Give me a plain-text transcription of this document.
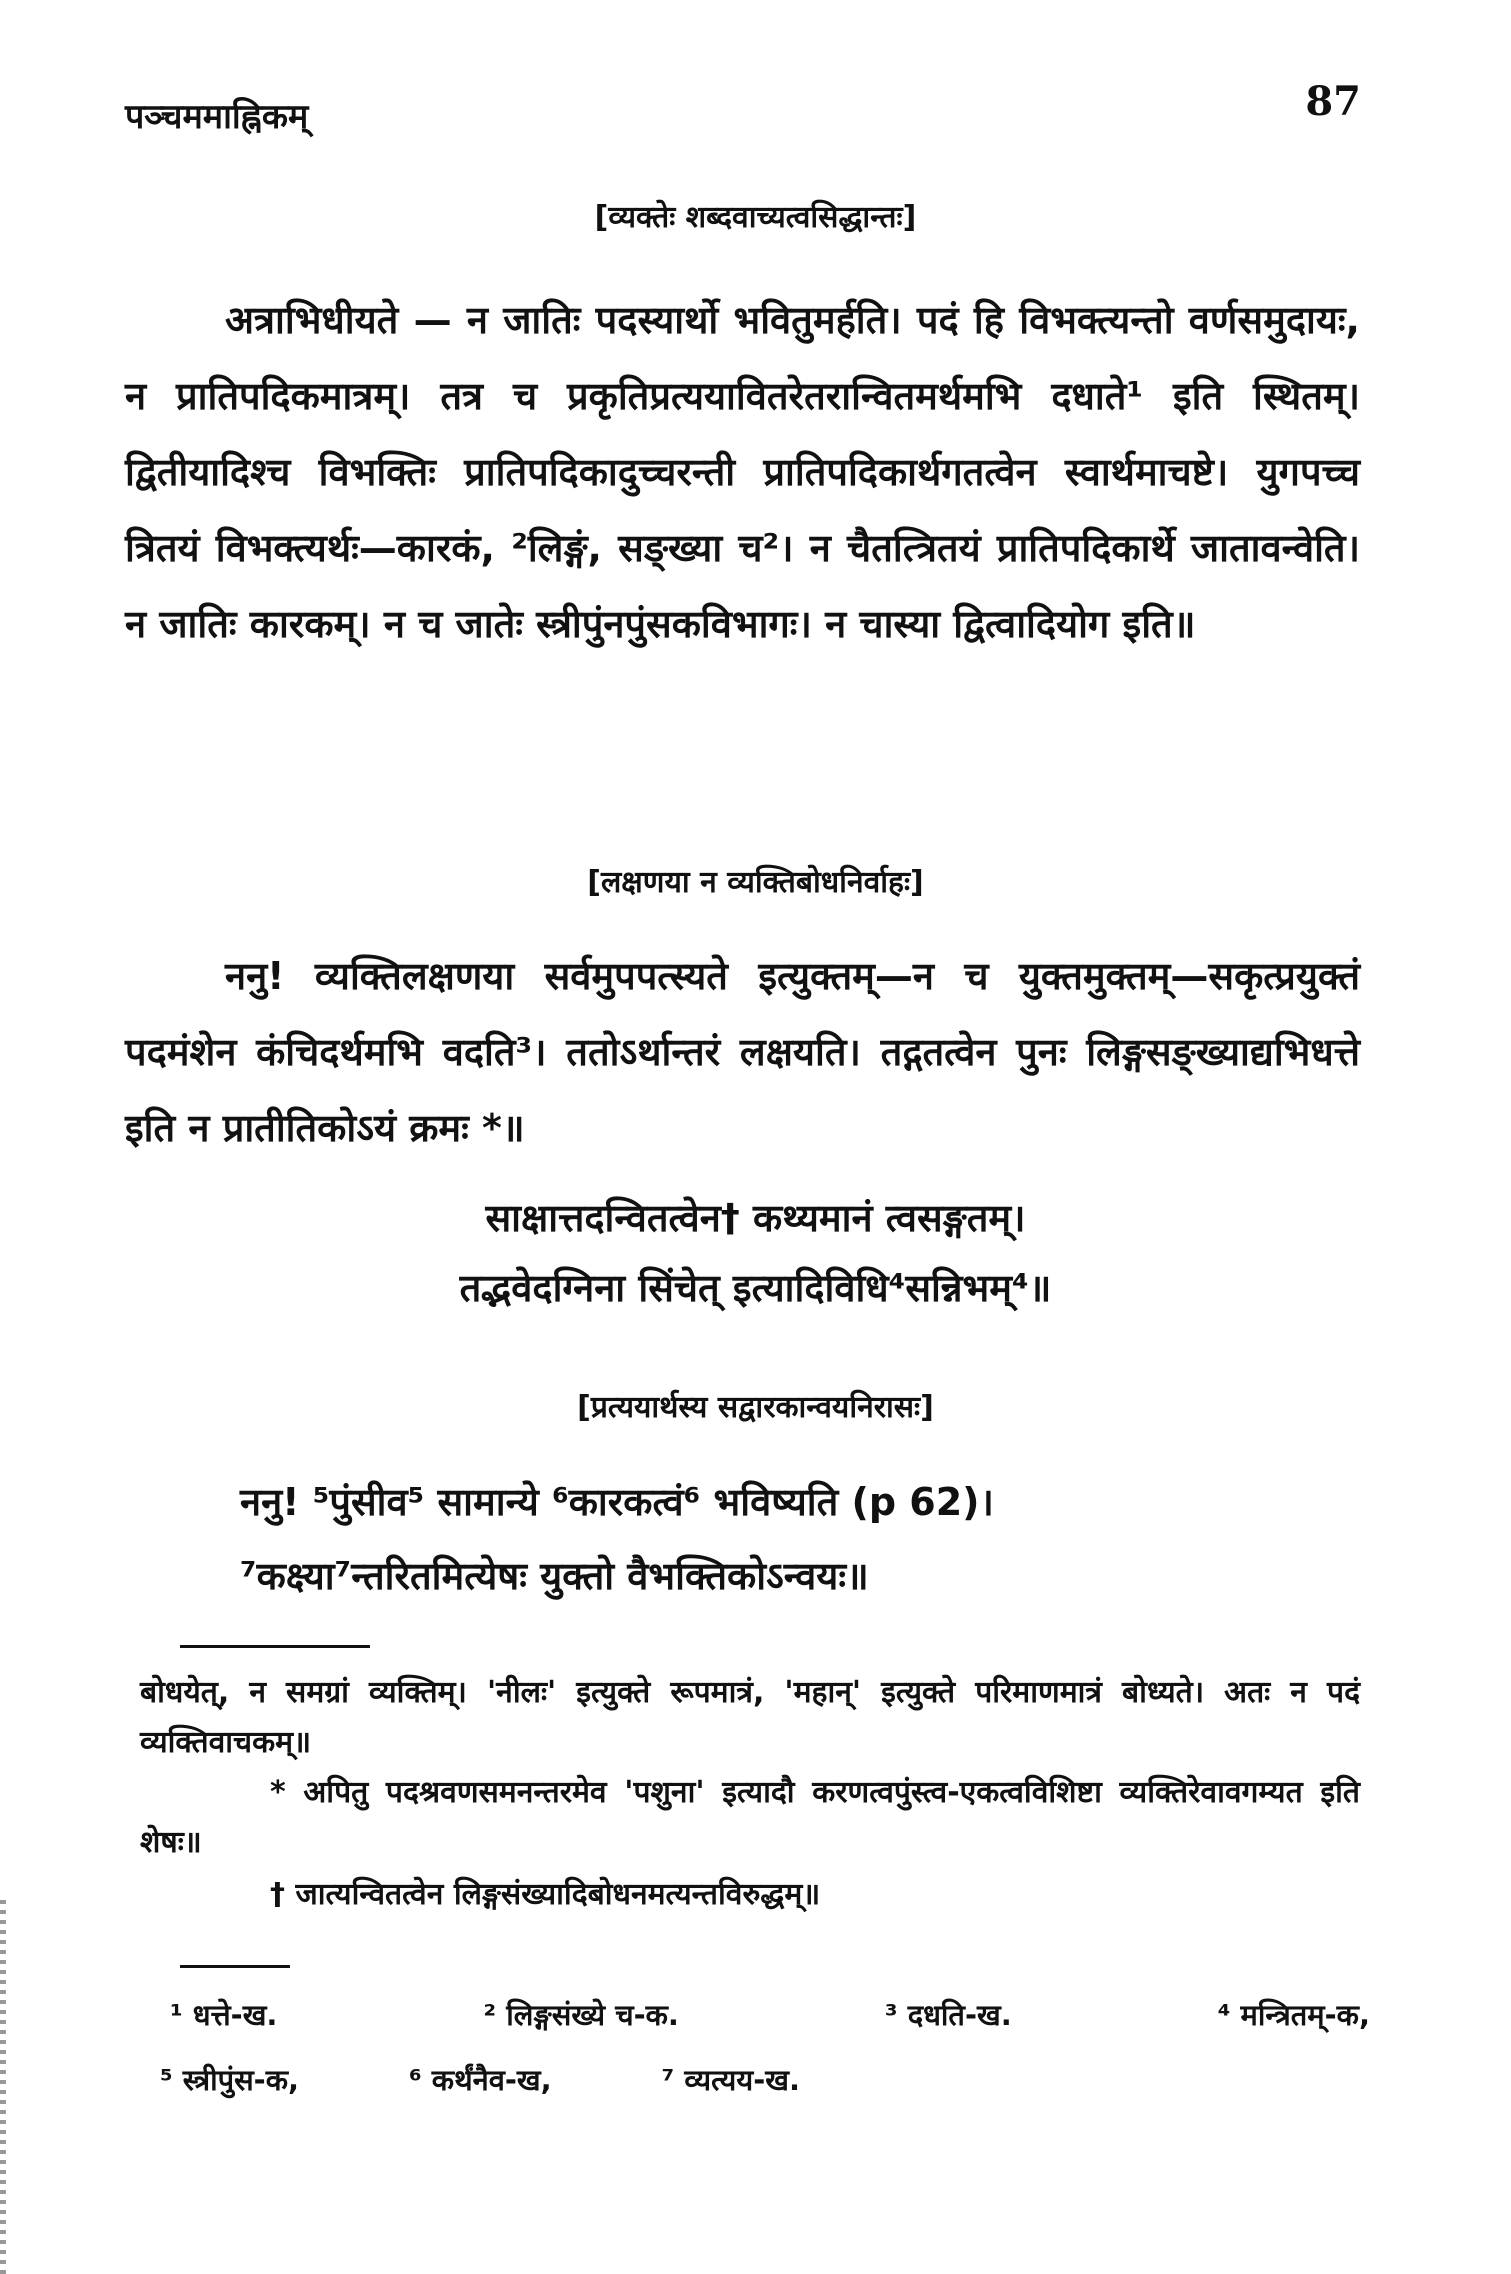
पञ्चममाह्निकम्	87
[व्यक्तेः शब्दवाच्यत्वसिद्धान्तः]

अत्राभिधीयते — न जातिः पदस्यार्थो भवितुमर्हति। पदं हि विभक्त्यन्तो वर्णसमुदायः, न प्रातिपदिकमात्रम्। तत्र च प्रकृतिप्रत्ययावितरेतरान्वितमर्थमभि दधाते¹ इति स्थितम्। द्वितीयादिश्च विभक्तिः प्रातिपदिकादुच्चरन्ती प्रातिपदिकार्थगतत्वेन स्वार्थमाचष्टे। युगपच्च त्रितयं विभक्त्यर्थः—कारकं, ²लिङ्गं, सङ्ख्या च²। न चैतत्त्रितयं प्रातिपदिकार्थे जातावन्वेति। न जातिः कारकम्। न च जातेः स्त्रीपुंनपुंसकविभागः। न चास्या द्वित्वादियोग इति॥

[लक्षणया न व्यक्तिबोधनिर्वाहः]

ननु! व्यक्तिलक्षणया सर्वमुपपत्स्यते इत्युक्तम्—न च युक्तमुक्तम्—सकृत्प्रयुक्तं पदमंशेन कंचिदर्थमभि वदति³। ततोऽर्थान्तरं लक्षयति। तद्गतत्वेन पुनः लिङ्गसङ्ख्याद्यभिधत्ते इति न प्रातीतिकोऽयं क्रमः *॥

साक्षात्तदन्वितत्वेन† कथ्यमानं त्वसङ्गतम्।
तद्भवेदग्निना सिंचेत् इत्यादिविधि⁴सन्निभम्⁴॥
[प्रत्ययार्थस्य सद्वारकान्वयनिरासः]
ननु! ⁵पुंसीव⁵ सामान्ये ⁶कारकत्वं⁶ भविष्यति (p 62)।
⁷कक्ष्या⁷न्तरितमित्येषः युक्तो वैभक्तिकोऽन्वयः॥

बोधयेत्, न समग्रां व्यक्तिम्। 'नीलः' इत्युक्ते रूपमात्रं, 'महान्' इत्युक्ते परिमाणमात्रं बोध्यते। अतः न पदं व्यक्तिवाचकम्॥

* अपितु पदश्रवणसमनन्तरमेव 'पशुना' इत्यादौ करणत्वपुंस्त्व-एकत्वविशिष्टा व्यक्तिरेवावगम्यत इति शेषः॥

† जात्यन्वितत्वेन लिङ्गसंख्यादिबोधनमत्यन्तविरुद्धम्॥

¹ धत्ते-ख.	² लिङ्गसंख्ये च-क.	³ दधति-ख.	⁴ मन्त्रितम्-क,
⁵ स्त्रीपुंस-क,	⁶ कर्थंनैव-ख,	⁷ व्यत्यय-ख.
